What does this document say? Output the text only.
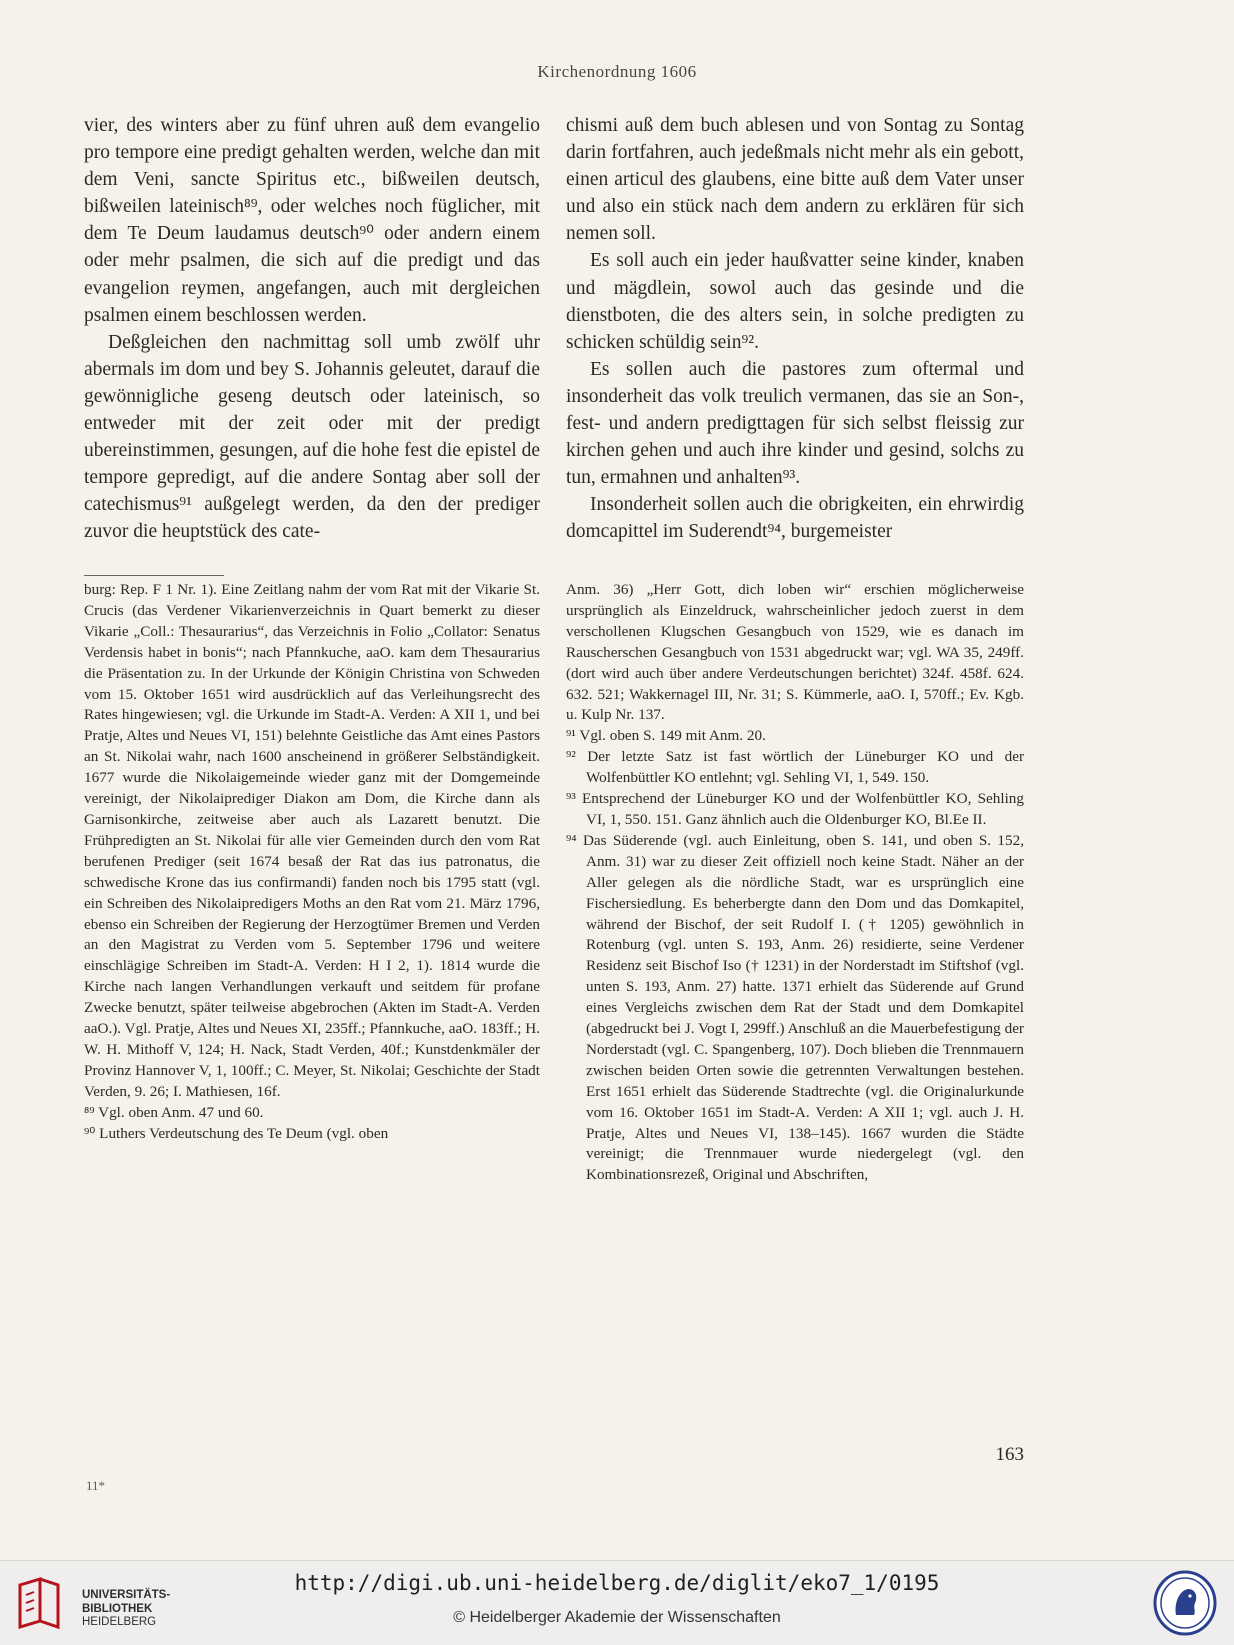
Kirchenordnung 1606

vier, des winters aber zu fünf uhren auß dem evangelio pro tempore eine predigt gehalten werden, welche dan mit dem Veni, sancte Spiritus etc., bißweilen deutsch, bißweilen lateinisch⁸⁹, oder welches noch füglicher, mit dem Te Deum laudamus deutsch⁹⁰ oder andern einem oder mehr psalmen, die sich auf die predigt und das evangelion reymen, angefangen, auch mit dergleichen psalmen einem beschlossen werden.

Deßgleichen den nachmittag soll umb zwölf uhr abermals im dom und bey S. Johannis geleutet, darauf die gewönnigliche geseng deutsch oder lateinisch, so entweder mit der zeit oder mit der predigt ubereinstimmen, gesungen, auf die hohe fest die epistel de tempore gepredigt, auf die andere Sontag aber soll der catechismus⁹¹ außgelegt werden, da den der prediger zuvor die heuptstück des cate-

chismi auß dem buch ablesen und von Sontag zu Sontag darin fortfahren, auch jedeßmals nicht mehr als ein gebott, einen articul des glaubens, eine bitte auß dem Vater unser und also ein stück nach dem andern zu erklären für sich nemen soll.

Es soll auch ein jeder haußvatter seine kinder, knaben und mägdlein, sowol auch das gesinde und die dienstboten, die des alters sein, in solche predigten zu schicken schüldig sein⁹².

Es sollen auch die pastores zum oftermal und insonderheit das volk treulich vermanen, das sie an Son-, fest- und andern predigttagen für sich selbst fleissig zur kirchen gehen und auch ihre kinder und gesind, solchs zu tun, ermahnen und anhalten⁹³.

Insonderheit sollen auch die obrigkeiten, ein ehrwirdig domcapittel im Suderendt⁹⁴, burgemeister

burg: Rep. F 1 Nr. 1). Eine Zeitlang nahm der vom Rat mit der Vikarie St. Crucis (das Verdener Vikarienverzeichnis in Quart bemerkt zu dieser Vikarie „Coll.: Thesaurarius“, das Verzeichnis in Folio „Collator: Senatus Verdensis habet in bonis“; nach Pfannkuche, aaO. kam dem Thesaurarius die Präsentation zu. In der Urkunde der Königin Christina von Schweden vom 15. Oktober 1651 wird ausdrücklich auf das Verleihungsrecht des Rates hingewiesen; vgl. die Urkunde im Stadt-A. Verden: A XII 1, und bei Pratje, Altes und Neues VI, 151) belehnte Geistliche das Amt eines Pastors an St. Nikolai wahr, nach 1600 anscheinend in größerer Selbständigkeit. 1677 wurde die Nikolaigemeinde wieder ganz mit der Domgemeinde vereinigt, der Nikolaiprediger Diakon am Dom, die Kirche dann als Garnisonkirche, zeitweise aber auch als Lazarett benutzt. Die Frühpredigten an St. Nikolai für alle vier Gemeinden durch den vom Rat berufenen Prediger (seit 1674 besaß der Rat das ius patronatus, die schwedische Krone das ius confirmandi) fanden noch bis 1795 statt (vgl. ein Schreiben des Nikolaipredigers Moths an den Rat vom 21. März 1796, ebenso ein Schreiben der Regierung der Herzogtümer Bremen und Verden an den Magistrat zu Verden vom 5. September 1796 und weitere einschlägige Schreiben im Stadt-A. Verden: H I 2, 1). 1814 wurde die Kirche nach langen Verhandlungen verkauft und seitdem für profane Zwecke benutzt, später teilweise abgebrochen (Akten im Stadt-A. Verden aaO.). Vgl. Pratje, Altes und Neues XI, 235ff.; Pfannkuche, aaO. 183ff.; H. W. H. Mithoff V, 124; H. Nack, Stadt Verden, 40f.; Kunstdenkmäler der Provinz Hannover V, 1, 100ff.; C. Meyer, St. Nikolai; Geschichte der Stadt Verden, 9. 26; I. Mathiesen, 16f.

⁸⁹ Vgl. oben Anm. 47 und 60.

⁹⁰ Luthers Verdeutschung des Te Deum (vgl. oben

Anm. 36) „Herr Gott, dich loben wir“ erschien möglicherweise ursprünglich als Einzeldruck, wahrscheinlicher jedoch zuerst in dem verschollenen Klugschen Gesangbuch von 1529, wie es danach im Rauscherschen Gesangbuch von 1531 abgedruckt war; vgl. WA 35, 249ff. (dort wird auch über andere Verdeutschungen berichtet) 324f. 458f. 624. 632. 521; Wakkernagel III, Nr. 31; S. Kümmerle, aaO. I, 570ff.; Ev. Kgb. u. Kulp Nr. 137.

⁹¹ Vgl. oben S. 149 mit Anm. 20.

⁹² Der letzte Satz ist fast wörtlich der Lüneburger KO und der Wolfenbüttler KO entlehnt; vgl. Sehling VI, 1, 549. 150.

⁹³ Entsprechend der Lüneburger KO und der Wolfenbüttler KO, Sehling VI, 1, 550. 151. Ganz ähnlich auch die Oldenburger KO, Bl.Ee II.

⁹⁴ Das Süderende (vgl. auch Einleitung, oben S. 141, und oben S. 152, Anm. 31) war zu dieser Zeit offiziell noch keine Stadt. Näher an der Aller gelegen als die nördliche Stadt, war es ursprünglich eine Fischersiedlung. Es beherbergte dann den Dom und das Domkapitel, während der Bischof, der seit Rudolf I. († 1205) gewöhnlich in Rotenburg (vgl. unten S. 193, Anm. 26) residierte, seine Verdener Residenz seit Bischof Iso († 1231) in der Norderstadt im Stiftshof (vgl. unten S. 193, Anm. 27) hatte. 1371 erhielt das Süderende auf Grund eines Vergleichs zwischen dem Rat der Stadt und dem Domkapitel (abgedruckt bei J. Vogt I, 299ff.) Anschluß an die Mauerbefestigung der Norderstadt (vgl. C. Spangenberg, 107). Doch blieben die Trennmauern zwischen beiden Orten sowie die getrennten Verwaltungen bestehen. Erst 1651 erhielt das Süderende Stadtrechte (vgl. die Originalurkunde vom 16. Oktober 1651 im Stadt-A. Verden: A XII 1; vgl. auch J. H. Pratje, Altes und Neues VI, 138–145). 1667 wurden die Städte vereinigt; die Trennmauer wurde niedergelegt (vgl. den Kombinationsrezeß, Original und Abschriften,

163
11*
UNIVERSITÄTS-
BIBLIOTHEK
HEIDELBERG
http://digi.ub.uni-heidelberg.de/diglit/eko7_1/0195
© Heidelberger Akademie der Wissenschaften
